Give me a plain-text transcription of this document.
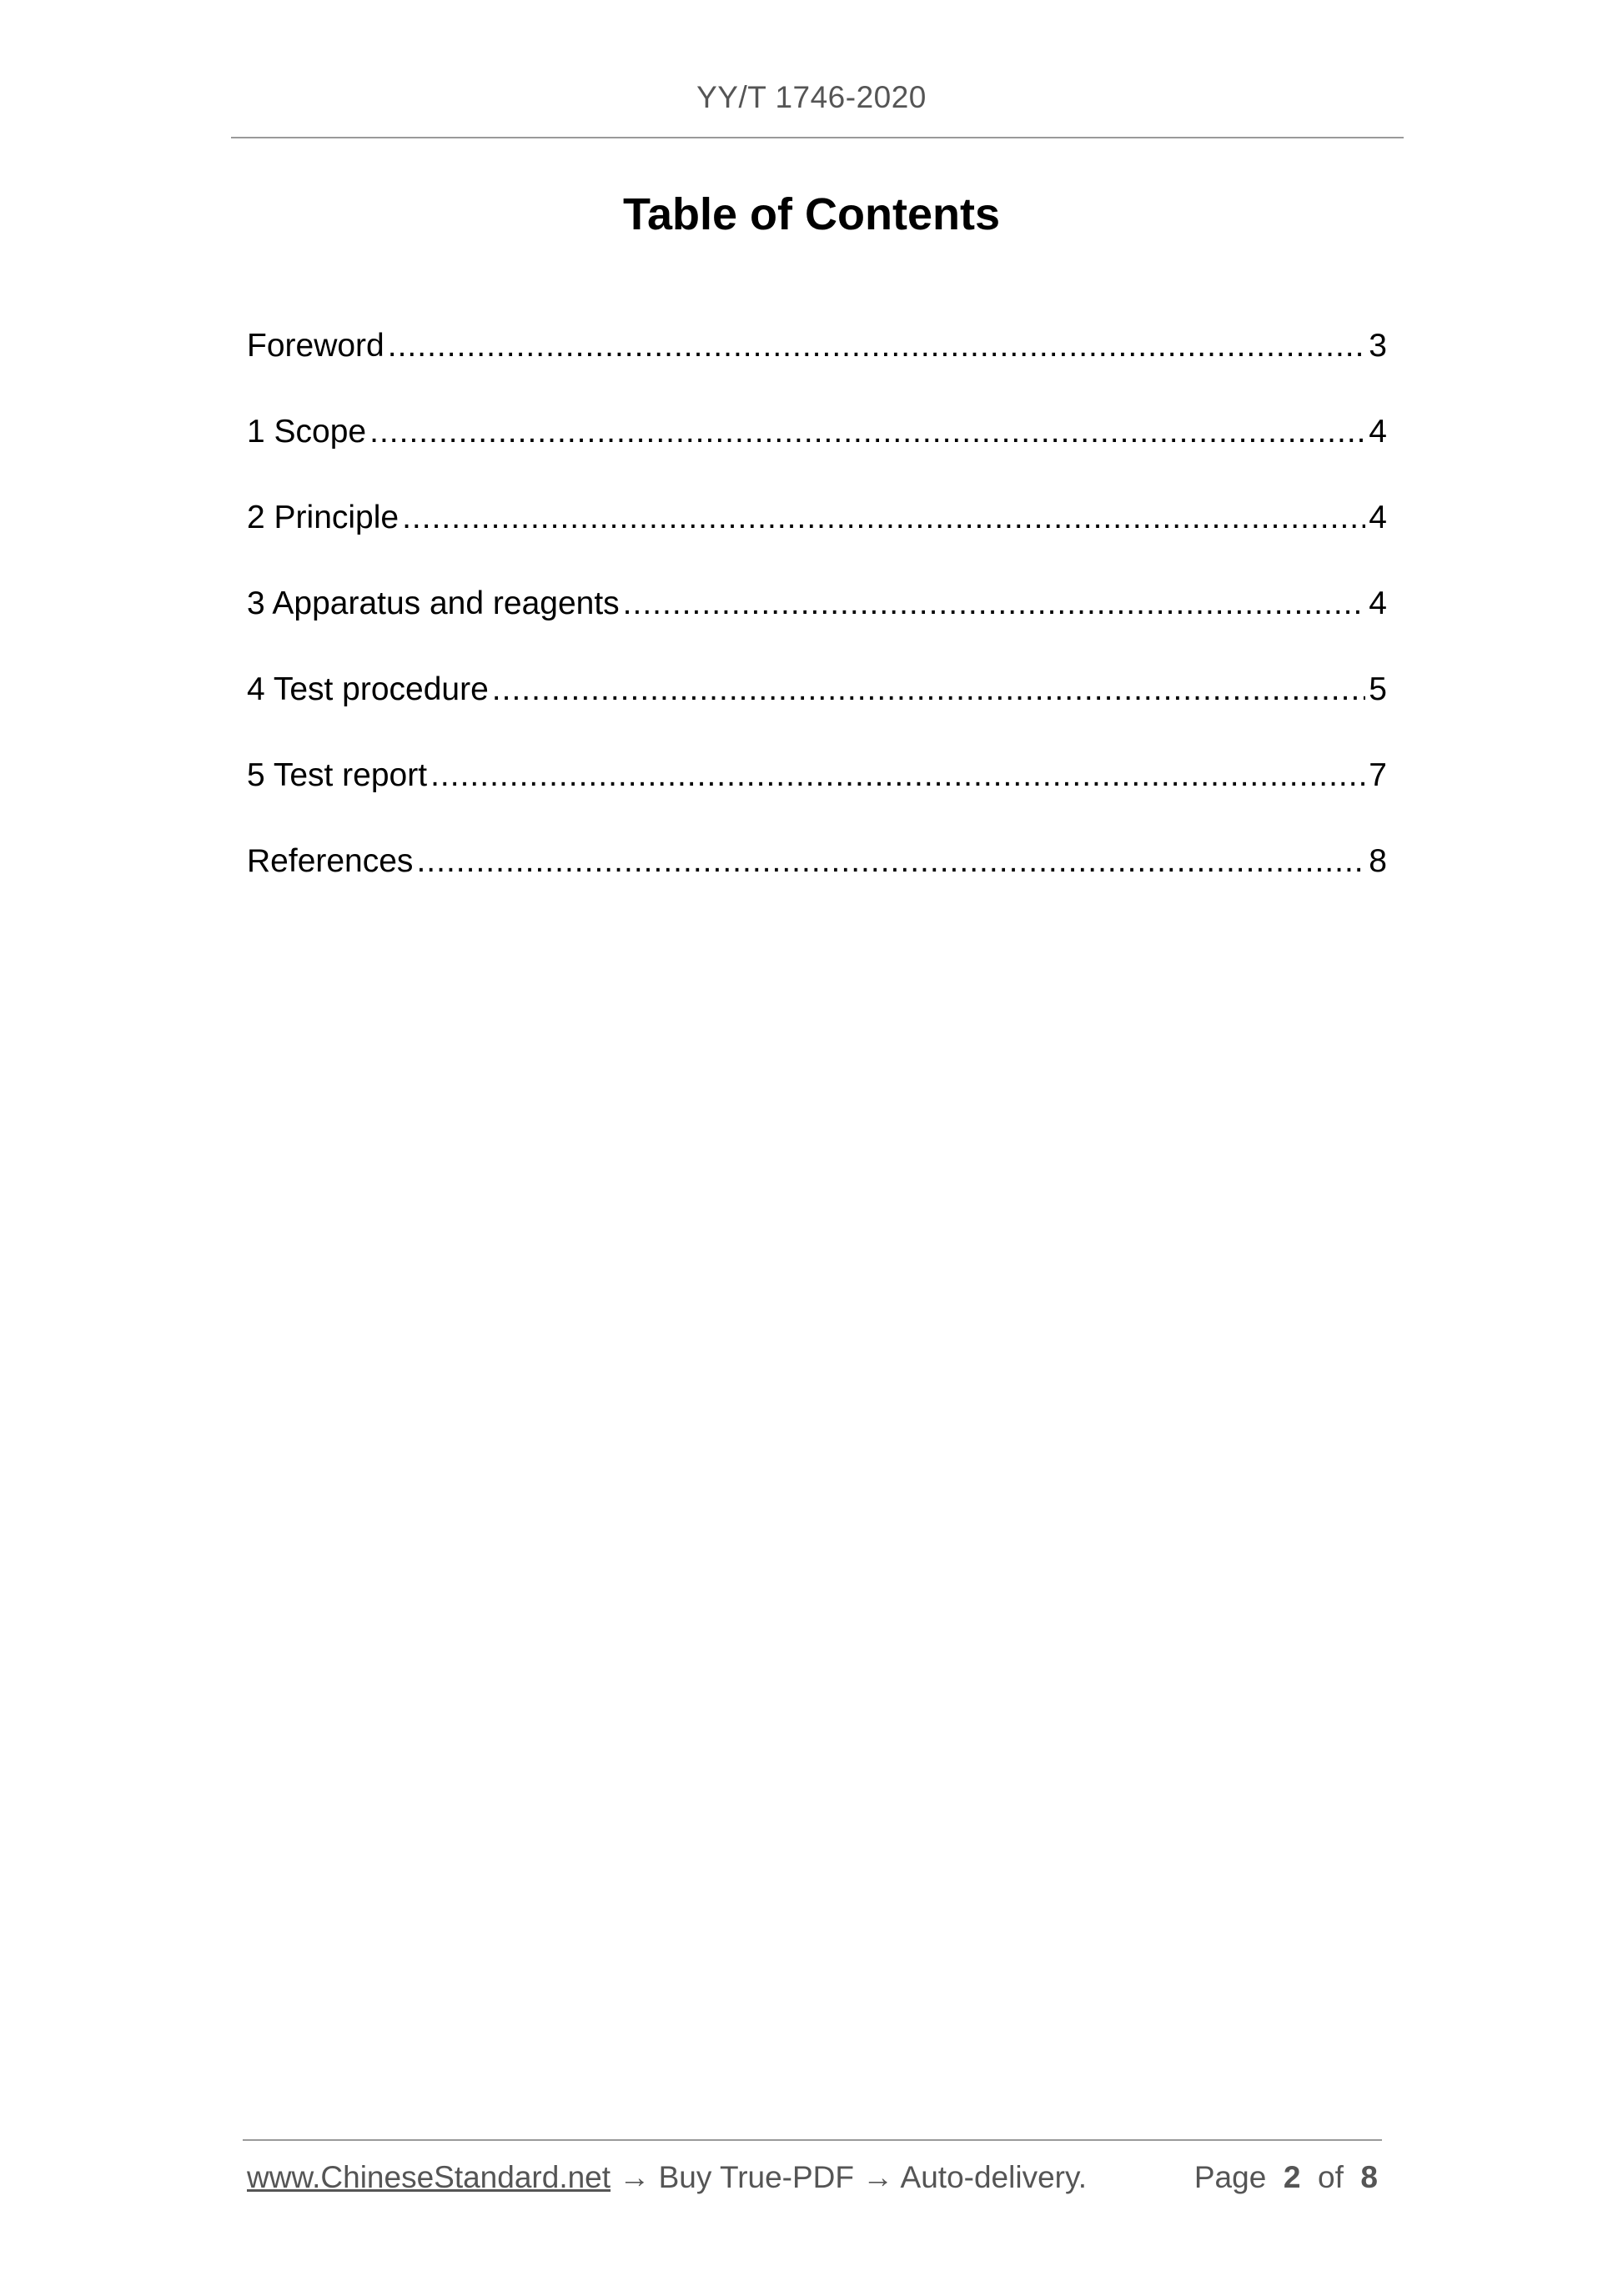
YY/T 1746-2020
Table of Contents
Foreword .....	3
1 Scope .....	4
2 Principle .....	4
3 Apparatus and reagents .....	4
4 Test procedure .....	5
5 Test report .....	7
References .....	8
www.ChineseStandard.net → Buy True-PDF → Auto-delivery.	Page 2 of 8
